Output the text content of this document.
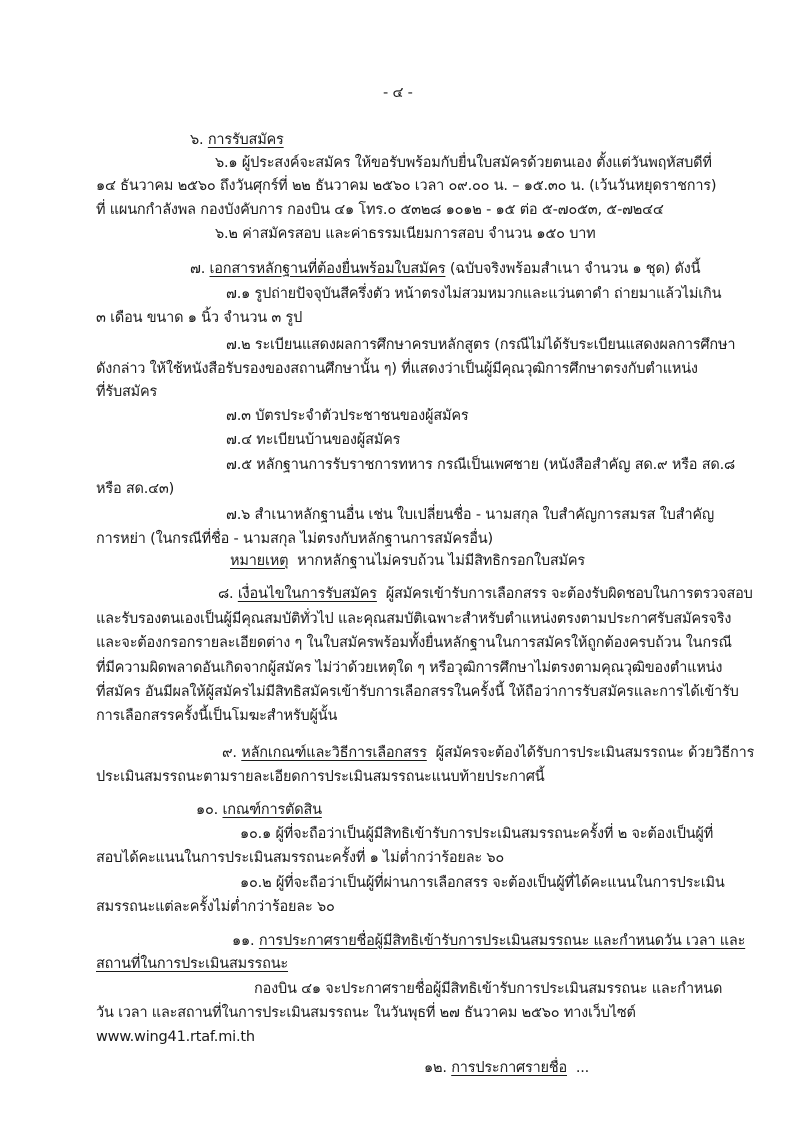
- ๔ -
๖. การรับสมัคร
๖.๑ ผู้ประสงค์จะสมัคร ให้ขอรับพร้อมกับยื่นใบสมัครด้วยตนเอง ตั้งแต่วันพฤหัสบดีที่
๑๔ ธันวาคม ๒๕๖๐ ถึงวันศุกร์ที่ ๒๒ ธันวาคม ๒๕๖๐ เวลา ๐๙.๐๐ น. – ๑๕.๓๐ น. (เว้นวันหยุดราชการ)
ที่ แผนกกำลังพล กองบังคับการ กองบิน ๔๑ โทร.๐ ๕๓๒๘ ๑๐๑๒ - ๑๕ ต่อ ๕-๗๐๕๓, ๕-๗๒๔๔
๖.๒ ค่าสมัครสอบ และค่าธรรมเนียมการสอบ จำนวน ๑๕๐ บาท
๗. เอกสารหลักฐานที่ต้องยื่นพร้อมใบสมัคร (ฉบับจริงพร้อมสำเนา จำนวน ๑ ชุด) ดังนี้
๗.๑ รูปถ่ายปัจจุบันสีครึ่งตัว หน้าตรงไม่สวมหมวกและแว่นตาดำ ถ่ายมาแล้วไม่เกิน
๓ เดือน ขนาด ๑ นิ้ว จำนวน ๓ รูป
๗.๒ ระเบียนแสดงผลการศึกษาครบหลักสูตร (กรณีไม่ได้รับระเบียนแสดงผลการศึกษา
ดังกล่าว ให้ใช้หนังสือรับรองของสถานศึกษานั้น ๆ) ที่แสดงว่าเป็นผู้มีคุณวุฒิการศึกษาตรงกับตำแหน่ง
ที่รับสมัคร
๗.๓ บัตรประจำตัวประชาชนของผู้สมัคร
๗.๔ ทะเบียนบ้านของผู้สมัคร
๗.๕ หลักฐานการรับราชการทหาร กรณีเป็นเพศชาย (หนังสือสำคัญ สด.๙ หรือ สด.๘
หรือ สด.๔๓)
๗.๖ สำเนาหลักฐานอื่น เช่น ใบเปลี่ยนชื่อ - นามสกุล ใบสำคัญการสมรส ใบสำคัญ
การหย่า (ในกรณีที่ชื่อ - นามสกุล ไม่ตรงกับหลักฐานการสมัครอื่น)
หมายเหตุ หากหลักฐานไม่ครบถ้วน ไม่มีสิทธิกรอกใบสมัคร
๘. เงื่อนไขในการรับสมัคร ผู้สมัครเข้ารับการเลือกสรร จะต้องรับผิดชอบในการตรวจสอบ
และรับรองตนเองเป็นผู้มีคุณสมบัติทั่วไป และคุณสมบัติเฉพาะสำหรับตำแหน่งตรงตามประกาศรับสมัครจริง
และจะต้องกรอกรายละเอียดต่าง ๆ ในใบสมัครพร้อมทั้งยื่นหลักฐานในการสมัครให้ถูกต้องครบถ้วน ในกรณี
ที่มีความผิดพลาดอันเกิดจากผู้สมัคร ไม่ว่าด้วยเหตุใด ๆ หรือวุฒิการศึกษาไม่ตรงตามคุณวุฒิของตำแหน่ง
ที่สมัคร อันมีผลให้ผู้สมัครไม่มีสิทธิสมัครเข้ารับการเลือกสรรในครั้งนี้ ให้ถือว่าการรับสมัครและการได้เข้ารับ
การเลือกสรรครั้งนี้เป็นโมฆะสำหรับผู้นั้น
๙. หลักเกณฑ์และวิธีการเลือกสรร ผู้สมัครจะต้องได้รับการประเมินสมรรถนะ ด้วยวิธีการ
ประเมินสมรรถนะตามรายละเอียดการประเมินสมรรถนะแนบท้ายประกาศนี้
๑๐. เกณฑ์การตัดสิน
๑๐.๑ ผู้ที่จะถือว่าเป็นผู้มีสิทธิเข้ารับการประเมินสมรรถนะครั้งที่ ๒ จะต้องเป็นผู้ที่
สอบได้คะแนนในการประเมินสมรรถนะครั้งที่ ๑ ไม่ต่ำกว่าร้อยละ ๖๐
๑๐.๒ ผู้ที่จะถือว่าเป็นผู้ที่ผ่านการเลือกสรร จะต้องเป็นผู้ที่ได้คะแนนในการประเมิน
สมรรถนะแต่ละครั้งไม่ต่ำกว่าร้อยละ ๖๐
๑๑. การประกาศรายชื่อผู้มีสิทธิเข้ารับการประเมินสมรรถนะ และกำหนดวัน เวลา และ
สถานที่ในการประเมินสมรรถนะ
กองบิน ๔๑ จะประกาศรายชื่อผู้มีสิทธิเข้ารับการประเมินสมรรถนะ และกำหนด
วัน เวลา และสถานที่ในการประเมินสมรรถนะ ในวันพุธที่ ๒๗ ธันวาคม ๒๕๖๐ ทางเว็บไซต์
www.wing41.rtaf.mi.th
๑๒. การประกาศรายชื่อ ...
